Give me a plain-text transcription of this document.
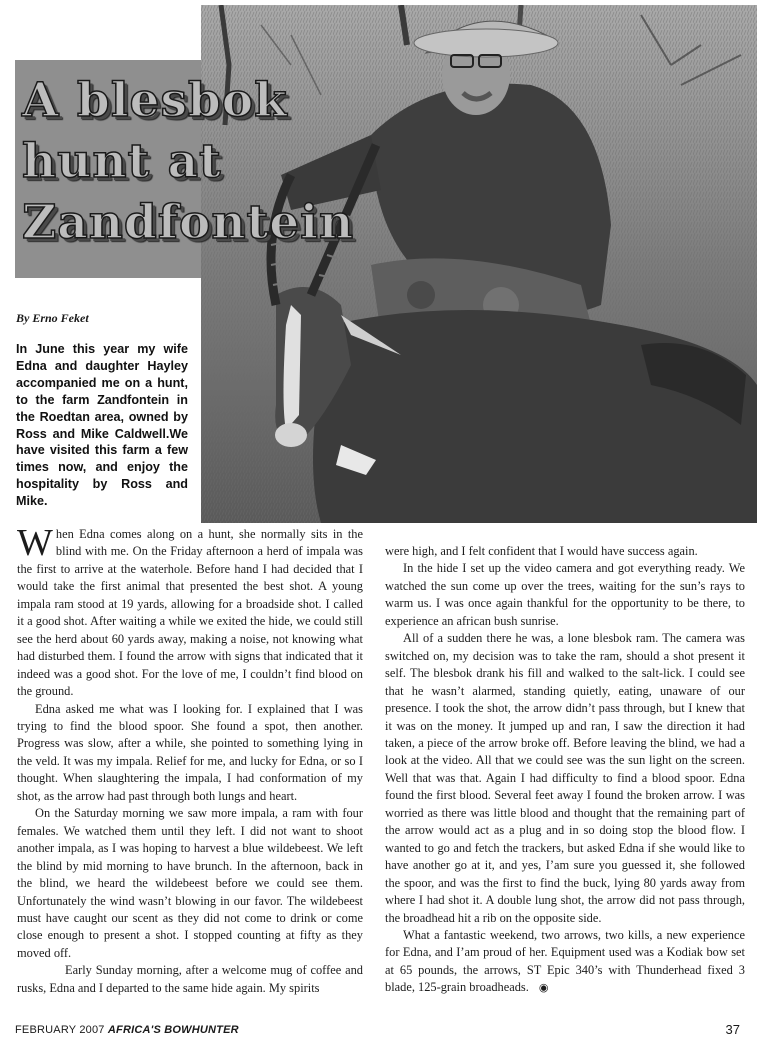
A blesbok
hunt at
Zandfontein
By Erno Feket

In June this year my wife Edna and daughter Hayley accompanied me on a hunt, to the farm Zandfontein in the Roedtan area, owned by Ross and Mike Caldwell.We have visited this farm a few times now, and enjoy the hospitality by Ross and Mike.

When Edna comes along on a hunt, she normally sits in the blind with me. On the Friday afternoon a herd of impala was the first to arrive at the waterhole. Before hand I had decided that I would take the first animal that presented the best shot. A young impala ram stood at 19 yards, allowing for a broadside shot. I called it a good shot. After waiting a while we exited the hide, we could still see the herd about 60 yards away, making a noise, not knowing what had disturbed them. I found the arrow with signs that indicated that it indeed was a good shot. For the love of me, I couldn’t find blood on the ground.

Edna asked me what was I looking for. I explained that I was trying to find the blood spoor. She found a spot, then another. Progress was slow, after a while, she pointed to something lying in the veld. It was my impala. Relief for me, and lucky for Edna, or so I thought. When slaughtering the impala, I had conformation of my shot, as the arrow had past through both lungs and heart.

On the Saturday morning we saw more impala, a ram with four females. We watched them until they left. I did not want to shoot another impala, as I was hoping to harvest a blue wildebeest. We left the blind by mid morning to have brunch. In the afternoon, back in the blind, we heard the wildebeest before we could see them. Unfortunately the wind wasn’t blowing in our favor. The wildebeest must have caught our scent as they did not come to drink or come close enough to present a shot. I stopped counting at fifty as they moved off.

Early Sunday morning, after a welcome mug of coffee and rusks, Edna and I departed to the same hide again. My spirits

were high, and I felt confident that I would have success again.

In the hide I set up the video camera and got everything ready. We watched the sun come up over the trees, waiting for the sun’s rays to warm us. I was once again thankful for the opportunity to be there, to experience an african bush sunrise.

All of a sudden there he was, a lone blesbok ram. The camera was switched on, my decision was to take the ram, should a shot present it self. The blesbok drank his fill and walked to the salt-lick. I could see that he wasn’t alarmed, standing quietly, eating, unaware of our presence. I took the shot, the arrow didn’t pass through, but I knew that it was on the money. It jumped up and ran, I saw the direction it had taken, a piece of the arrow broke off. Before leaving the blind, we had a look at the video. All that we could see was the sun light on the screen. Well that was that. Again I had difficulty to find a blood spoor. Edna found the first blood. Several feet away I found the broken arrow. I was worried as there was little blood and thought that the remaining part of the arrow would act as a plug and in so doing stop the blood flow. I wanted to go and fetch the trackers, but asked Edna if she would like to have another go at it, and yes, I’am sure you guessed it, she followed the spoor, and was the first to find the buck, lying 80 yards away from where I had shot it. A double lung shot, the arrow did not pass through, the broadhead hit a rib on the opposite side.

What a fantastic weekend, two arrows, two kills, a new experience for Edna, and I’am proud of her. Equipment used was a Kodiak bow set at 65 pounds, the arrows, ST Epic 340’s with Thunderhead fixed 3 blade, 125-grain broadheads. ◉

FEBRUARY 2007 AFRICA'S BOWHUNTER	37
